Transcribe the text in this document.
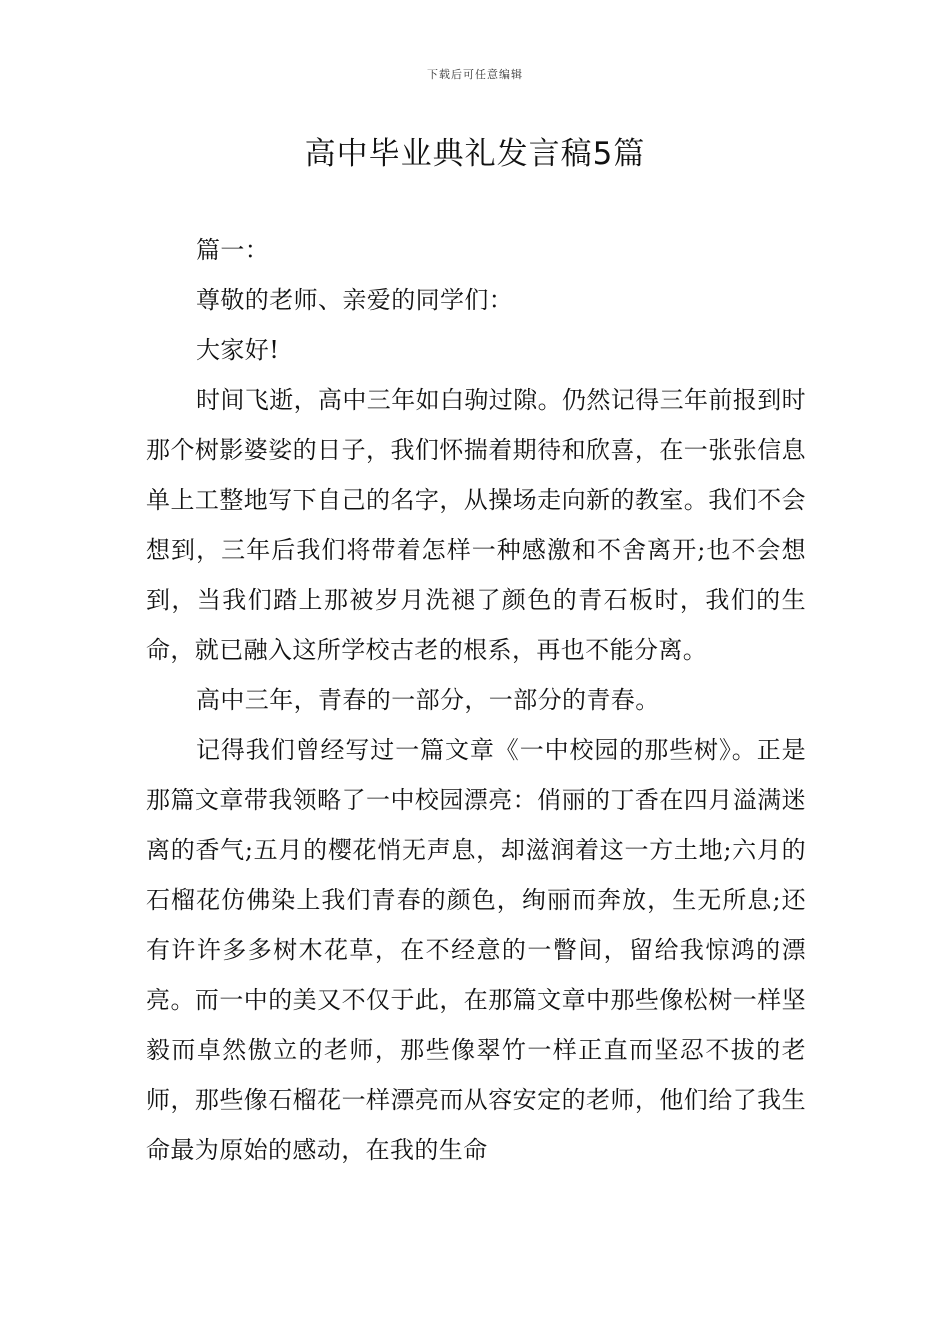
下载后可任意编辑
高中毕业典礼发言稿5篇

篇一：

尊敬的老师、亲爱的同学们：

大家好!

时间飞逝，高中三年如白驹过隙。仍然记得三年前报到时那个树影婆娑的日子，我们怀揣着期待和欣喜，在一张张信息单上工整地写下自己的名字，从操场走向新的教室。我们不会想到，三年后我们将带着怎样一种感激和不舍离开;也不会想到，当我们踏上那被岁月洗褪了颜色的青石板时，我们的生命，就已融入这所学校古老的根系，再也不能分离。

高中三年，青春的一部分，一部分的青春。

记得我们曾经写过一篇文章《一中校园的那些树》。正是那篇文章带我领略了一中校园漂亮：俏丽的丁香在四月溢满迷离的香气;五月的樱花悄无声息，却滋润着这一方土地;六月的石榴花仿佛染上我们青春的颜色，绚丽而奔放，生无所息;还有许许多多树木花草，在不经意的一瞥间，留给我惊鸿的漂亮。而一中的美又不仅于此，在那篇文章中那些像松树一样坚毅而卓然傲立的老师，那些像翠竹一样正直而坚忍不拔的老师，那些像石榴花一样漂亮而从容安定的老师，他们给了我生命最为原始的感动，在我的生命
